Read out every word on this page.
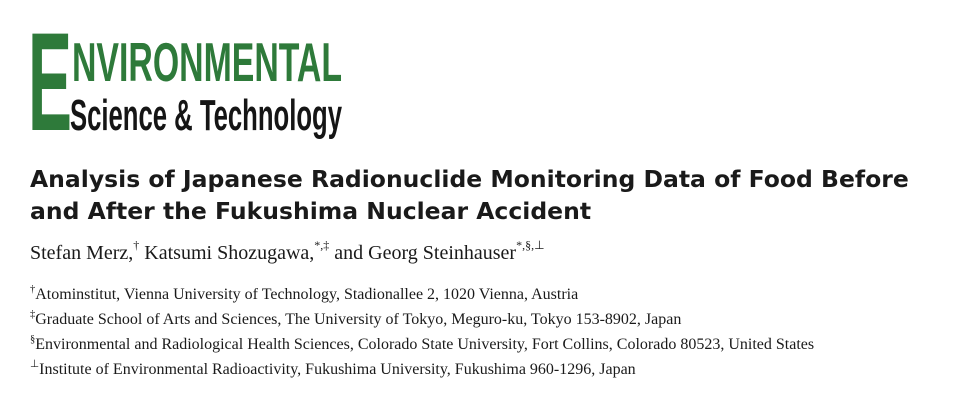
E NVIRONMENTAL
Science & Technology
Analysis of Japanese Radionuclide Monitoring Data of Food Before and After the Fukushima Nuclear Accident
Stefan Merz,† Katsumi Shozugawa,*,‡ and Georg Steinhauser*,§,⊥
†Atominstitut, Vienna University of Technology, Stadionallee 2, 1020 Vienna, Austria
‡Graduate School of Arts and Sciences, The University of Tokyo, Meguro-ku, Tokyo 153-8902, Japan
§Environmental and Radiological Health Sciences, Colorado State University, Fort Collins, Colorado 80523, United States
⊥Institute of Environmental Radioactivity, Fukushima University, Fukushima 960-1296, Japan
